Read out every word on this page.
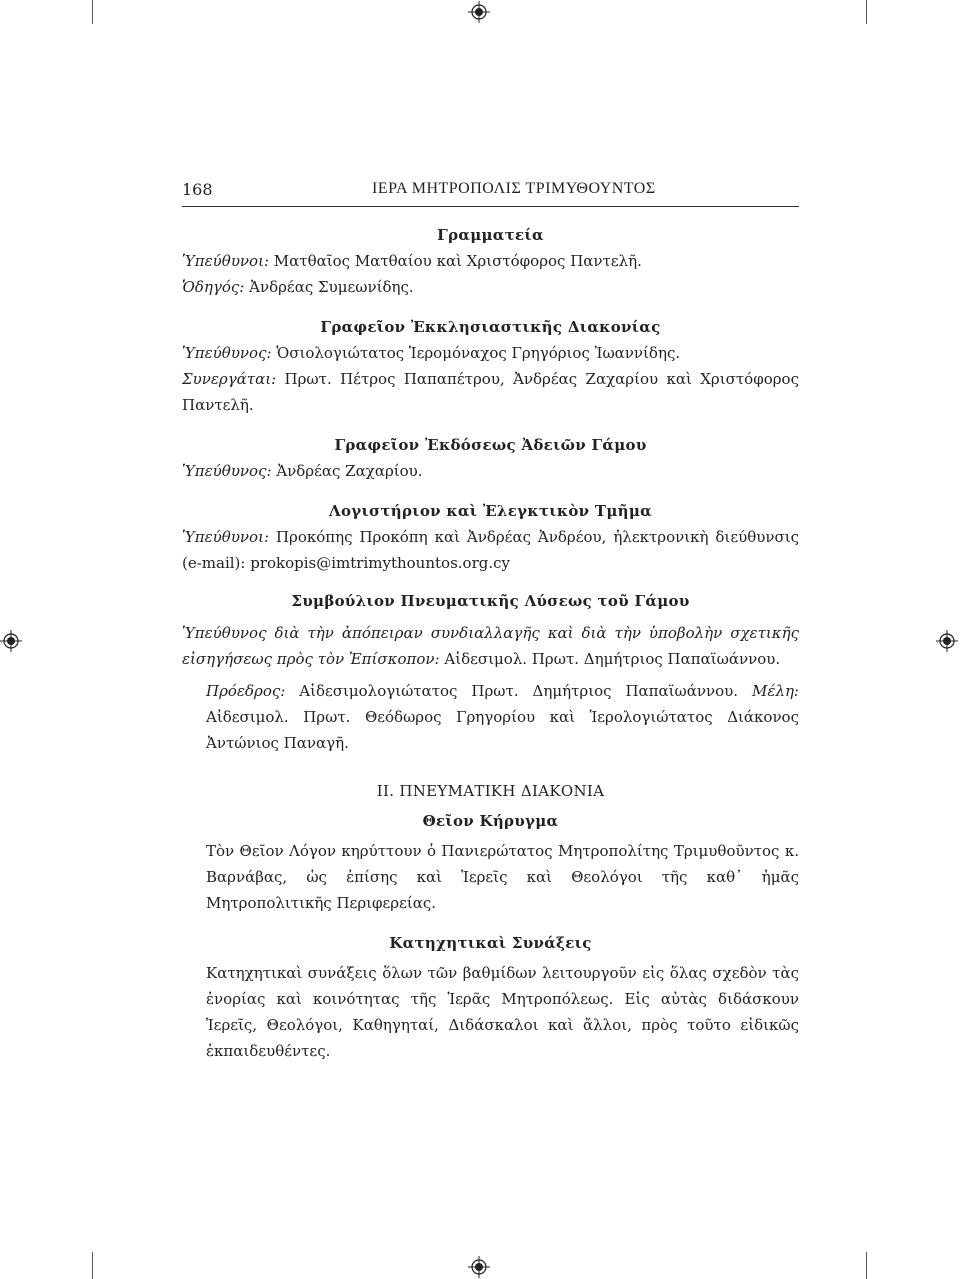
168	ΙΕΡΑ ΜΗΤΡΟΠΟΛΙΣ ΤΡΙΜΥΘΟΥΝΤΟΣ
Γραμματεία

Ὑπεύθυνοι: Ματθαῖος Ματθαίου καὶ Χριστόφορος Παντελῆ.

Ὁδηγός: Ἀνδρέας Συμεωνίδης.

Γραφεῖον Ἐκκλησιαστικῆς Διακονίας

Ὑπεύθυνος: Ὁσιολογιώτατος Ἱερομόναχος Γρηγόριος Ἰωαννίδης.

Συνεργάται: Πρωτ. Πέτρος Παπαπέτρου, Ἀνδρέας Ζαχαρίου καὶ Χριστόφορος Παντελῆ.

Γραφεῖον Ἐκδόσεως Ἀδειῶν Γάμου

Ὑπεύθυνος: Ἀνδρέας Ζαχαρίου.

Λογιστήριον καὶ Ἐλεγκτικὸν Τμῆμα

Ὑπεύθυνοι: Προκόπης Προκόπη καὶ Ἀνδρέας Ἀνδρέου, ἠλεκτρονικὴ διεύθυνσις (e-mail): prokopis@imtrimythountos.org.cy

Συμβούλιον Πνευματικῆς Λύσεως τοῦ Γάμου

Ὑπεύθυνος διὰ τὴν ἀπόπειραν συνδιαλλαγῆς καὶ διὰ τὴν ὑποβολὴν σχετικῆς εἰσηγήσεως πρὸς τὸν Ἐπίσκοπον: Αἰδεσιμολ. Πρωτ. Δημήτριος Παπαϊωάννου.

Πρόεδρος: Αἰδεσιμολογιώτατος Πρωτ. Δημήτριος Παπαϊωάννου. Μέλη: Αἰδεσιμολ. Πρωτ. Θεόδωρος Γρηγορίου καὶ Ἱερολογιώτατος Διάκονος Ἀντώνιος Παναγῆ.

ΙΙ. ΠΝΕΥΜΑΤΙΚΗ ΔΙΑΚΟΝΙΑ
Θεῖον Κήρυγμα

Τὸν Θεῖον Λόγον κηρύττουν ὁ Πανιερώτατος Μητροπολίτης Τριμυθοῦντος κ. Βαρνάβας, ὡς ἐπίσης καὶ Ἱερεῖς καὶ Θεολόγοι τῆς καθ᾽ ἡμᾶς Μητροπολιτικῆς Περιφερείας.

Κατηχητικαὶ Συνάξεις

Κατηχητικαὶ συνάξεις ὅλων τῶν βαθμίδων λειτουργοῦν εἰς ὅλας σχεδὸν τὰς ἐνορίας καὶ κοινότητας τῆς Ἱερᾶς Μητροπόλεως. Εἰς αὐτὰς διδάσκουν Ἱερεῖς, Θεολόγοι, Καθηγηταί, Διδάσκαλοι καὶ ἄλλοι, πρὸς τοῦτο εἰδικῶς ἐκπαιδευθέντες.
